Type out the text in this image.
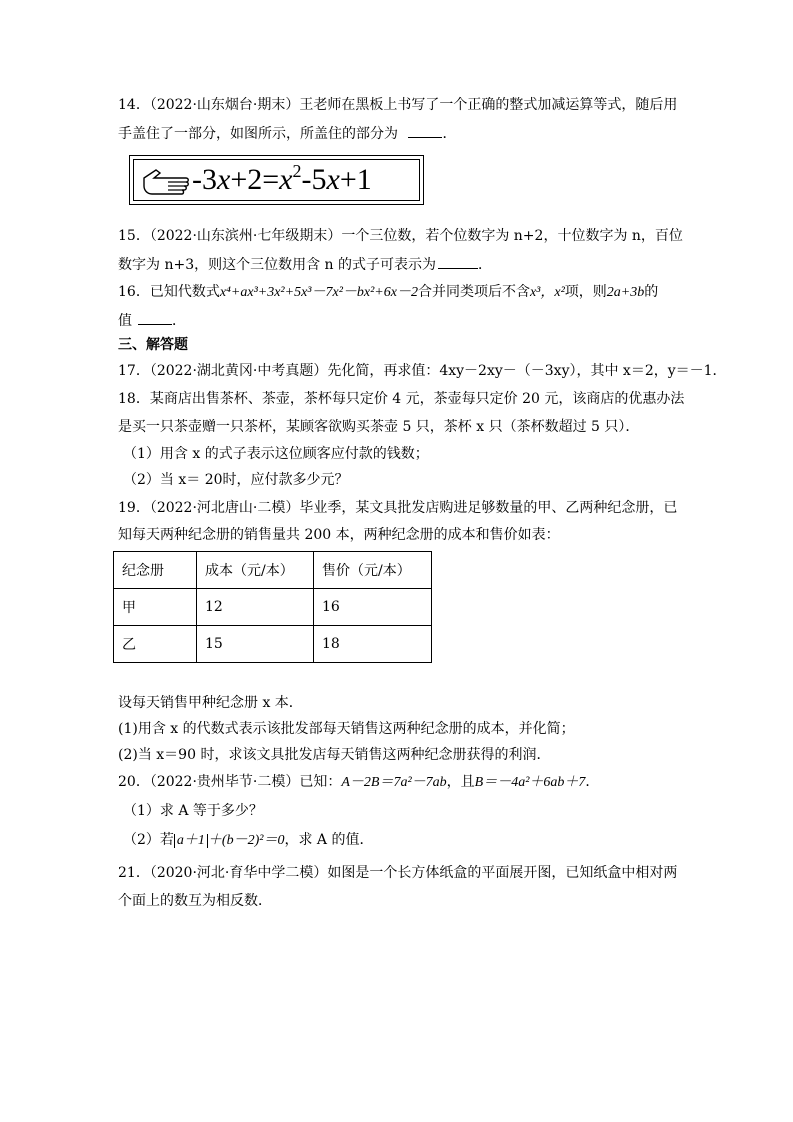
14．（2022·山东烟台·期末）王老师在黑板上书写了一个正确的整式加减运算等式，随后用
手盖住了一部分，如图所示，所盖住的部分为	．
$-3x+2=x^2-5x+1$
15．（2022·山东滨州·七年级期末）一个三位数，若个位数字为 n+2，十位数字为 n，百位
数字为 n+3，则这个三位数用含 n 的式子可表示为	．
16．已知代数式x⁴+ax³+3x²+5x³－7x²－bx²+6x－2合并同类项后不含x³，x²项，则2a+3b的
值	．
三、解答题
17．（2022·湖北黄冈·中考真题）先化简，再求值：4xy－2xy－（－3xy），其中 x＝2，y＝－1．
18．某商店出售茶杯、茶壶，茶杯每只定价 4 元，茶壶每只定价 20 元，该商店的优惠办法
是买一只茶壶赠一只茶杯，某顾客欲购买茶壶 5 只，茶杯 x 只（茶杯数超过 5 只）．
（1）用含 x 的式子表示这位顾客应付款的钱数；
（2）当 x＝ 20时，应付款多少元？
19．（2022·河北唐山·二模）毕业季，某文具批发店购进足够数量的甲、乙两种纪念册，已
知每天两种纪念册的销售量共 200 本，两种纪念册的成本和售价如表：
纪念册	成本（元/本）	售价（元/本）
甲	12	16
乙	15	18
设每天销售甲种纪念册 x 本．
(1)用含 x 的代数式表示该批发部每天销售这两种纪念册的成本，并化简；
(2)当 x＝90 时，求该文具批发店每天销售这两种纪念册获得的利润．
20．（2022·贵州毕节·二模）已知：A－2B＝7a²－7ab，且B＝－4a²＋6ab＋7．
（1）求 A 等于多少？
（2）若 a＋1 ＋(b－2)²＝0，求 A 的值．
21．（2020·河北·育华中学二模）如图是一个长方体纸盒的平面展开图，已知纸盒中相对两
个面上的数互为相反数．
